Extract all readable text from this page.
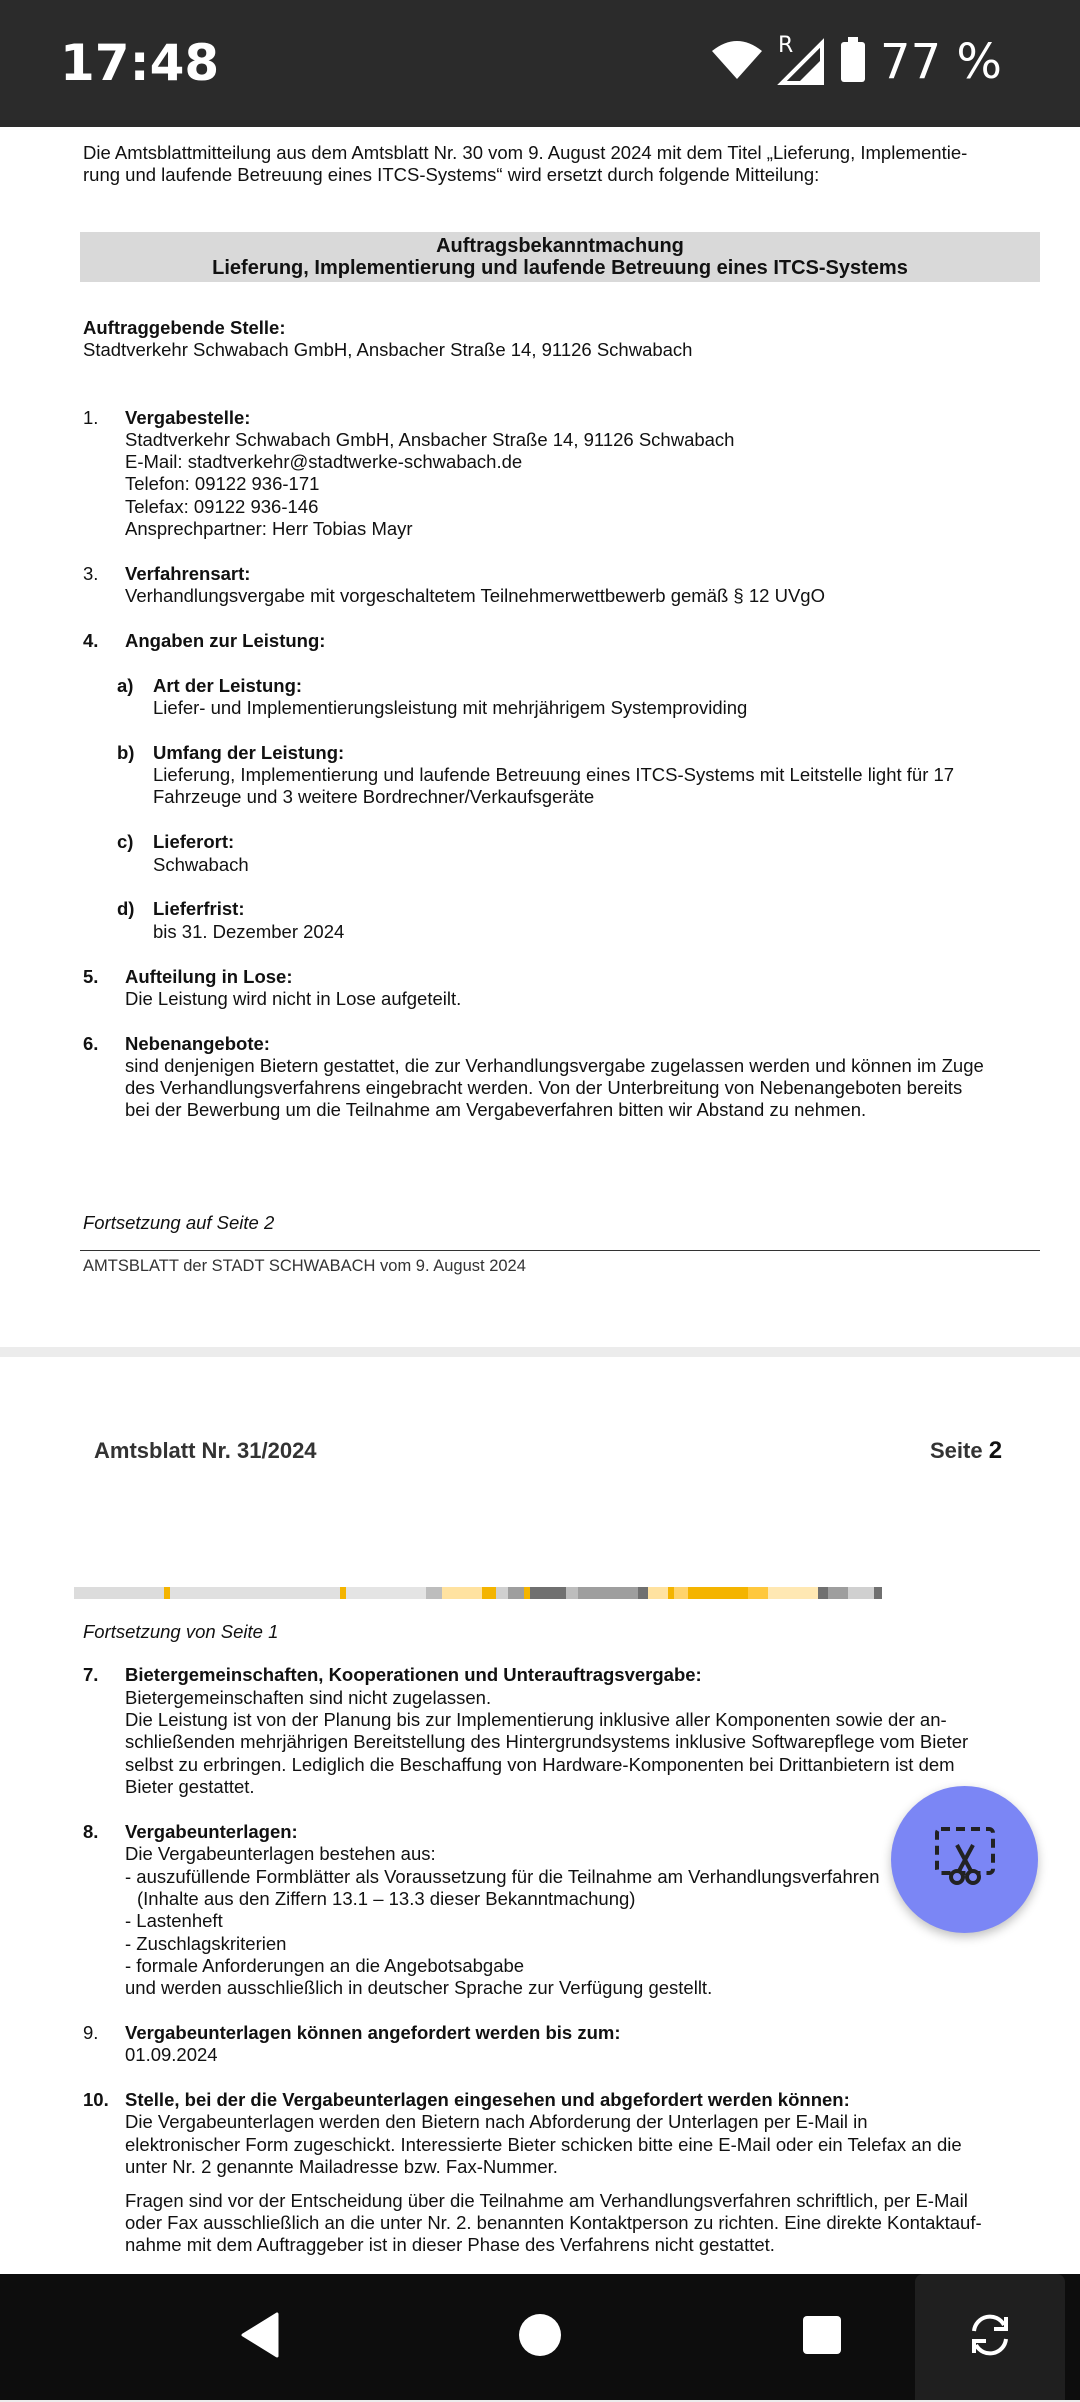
17:48	R 77 %
Die Amtsblattmitteilung aus dem Amtsblatt Nr. 30 vom 9. August 2024 mit dem Titel „Lieferung, Implementie-
rung und laufende Betreuung eines ITCS-Systems“ wird ersetzt durch folgende Mitteilung:
Auftragsbekanntmachung
Lieferung, Implementierung und laufende Betreuung eines ITCS-Systems
Auftraggebende Stelle:
Stadtverkehr Schwabach GmbH, Ansbacher Straße 14, 91126 Schwabach
1. Vergabestelle:
Stadtverkehr Schwabach GmbH, Ansbacher Straße 14, 91126 Schwabach
E-Mail: stadtverkehr@stadtwerke-schwabach.de
Telefon: 09122 936-171
Telefax: 09122 936-146
Ansprechpartner: Herr Tobias Mayr
3. Verfahrensart:
Verhandlungsvergabe mit vorgeschaltetem Teilnehmerwettbewerb gemäß § 12 UVgO
4. Angaben zur Leistung:
a) Art der Leistung:
Liefer- und Implementierungsleistung mit mehrjährigem Systemproviding
b) Umfang der Leistung:
Lieferung, Implementierung und laufende Betreuung eines ITCS-Systems mit Leitstelle light für 17
Fahrzeuge und 3 weitere Bordrechner/Verkaufsgeräte
c) Lieferort:
Schwabach
d) Lieferfrist:
bis 31. Dezember 2024
5. Aufteilung in Lose:
Die Leistung wird nicht in Lose aufgeteilt.
6. Nebenangebote:
sind denjenigen Bietern gestattet, die zur Verhandlungsvergabe zugelassen werden und können im Zuge
des Verhandlungsverfahrens eingebracht werden. Von der Unterbreitung von Nebenangeboten bereits
bei der Bewerbung um die Teilnahme am Vergabeverfahren bitten wir Abstand zu nehmen.
Fortsetzung auf Seite 2
AMTSBLATT der STADT SCHWABACH vom 9. August 2024
Amtsblatt Nr. 31/2024	Seite 2
Fortsetzung von Seite 1
7. Bietergemeinschaften, Kooperationen und Unterauftragsvergabe:
Bietergemeinschaften sind nicht zugelassen.
Die Leistung ist von der Planung bis zur Implementierung inklusive aller Komponenten sowie der an-
schließenden mehrjährigen Bereitstellung des Hintergrundsystems inklusive Softwarepflege vom Bieter
selbst zu erbringen. Lediglich die Beschaffung von Hardware-Komponenten bei Drittanbietern ist dem
Bieter gestattet.
8. Vergabeunterlagen:
Die Vergabeunterlagen bestehen aus:
- auszufüllende Formblätter als Voraussetzung für die Teilnahme am Verhandlungsverfahren
(Inhalte aus den Ziffern 13.1 – 13.3 dieser Bekanntmachung)
- Lastenheft
- Zuschlagskriterien
- formale Anforderungen an die Angebotsabgabe
und werden ausschließlich in deutscher Sprache zur Verfügung gestellt.
9. Vergabeunterlagen können angefordert werden bis zum:
01.09.2024
10. Stelle, bei der die Vergabeunterlagen eingesehen und abgefordert werden können:
Die Vergabeunterlagen werden den Bietern nach Abforderung der Unterlagen per E-Mail in
elektronischer Form zugeschickt. Interessierte Bieter schicken bitte eine E-Mail oder ein Telefax an die
unter Nr. 2 genannte Mailadresse bzw. Fax-Nummer.
Fragen sind vor der Entscheidung über die Teilnahme am Verhandlungsverfahren schriftlich, per E-Mail
oder Fax ausschließlich an die unter Nr. 2. benannten Kontaktperson zu richten. Eine direkte Kontaktauf-
nahme mit dem Auftraggeber ist in dieser Phase des Verfahrens nicht gestattet.
